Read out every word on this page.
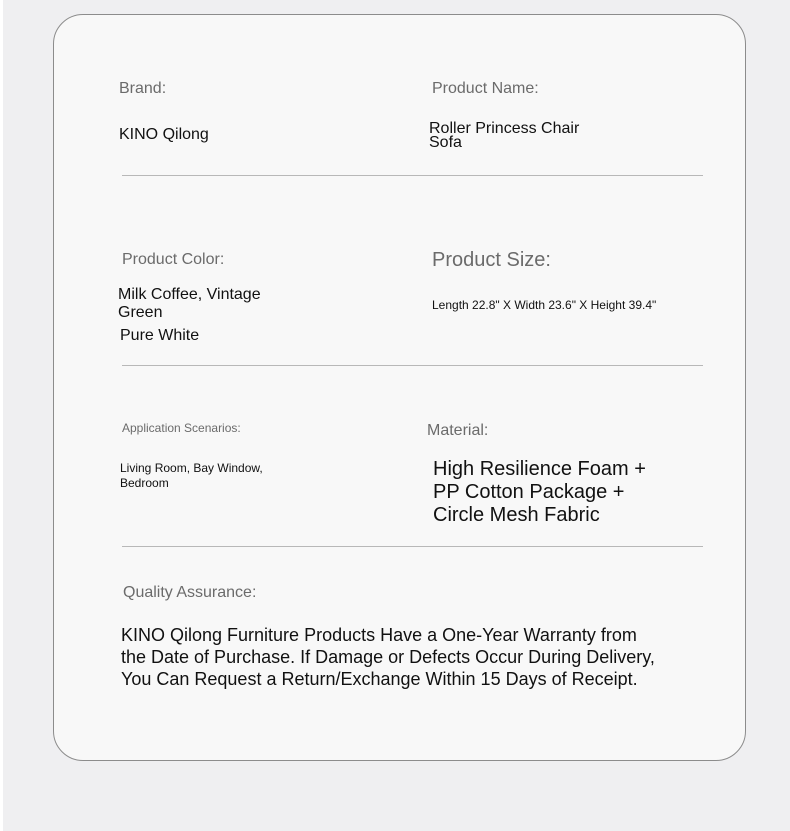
Brand:
KINO Qilong
Product Name:
Roller Princess Chair
Sofa
Product Color:
Milk Coffee, Vintage
Green
Pure White
Product Size:
Length 22.8" X Width 23.6" X Height 39.4"
Application Scenarios:
Living Room, Bay Window,
Bedroom
Material:
High Resilience Foam +
PP Cotton Package +
Circle Mesh Fabric
Quality Assurance:
KINO Qilong Furniture Products Have a One-Year Warranty from
the Date of Purchase. If Damage or Defects Occur During Delivery,
You Can Request a Return/Exchange Within 15 Days of Receipt.
